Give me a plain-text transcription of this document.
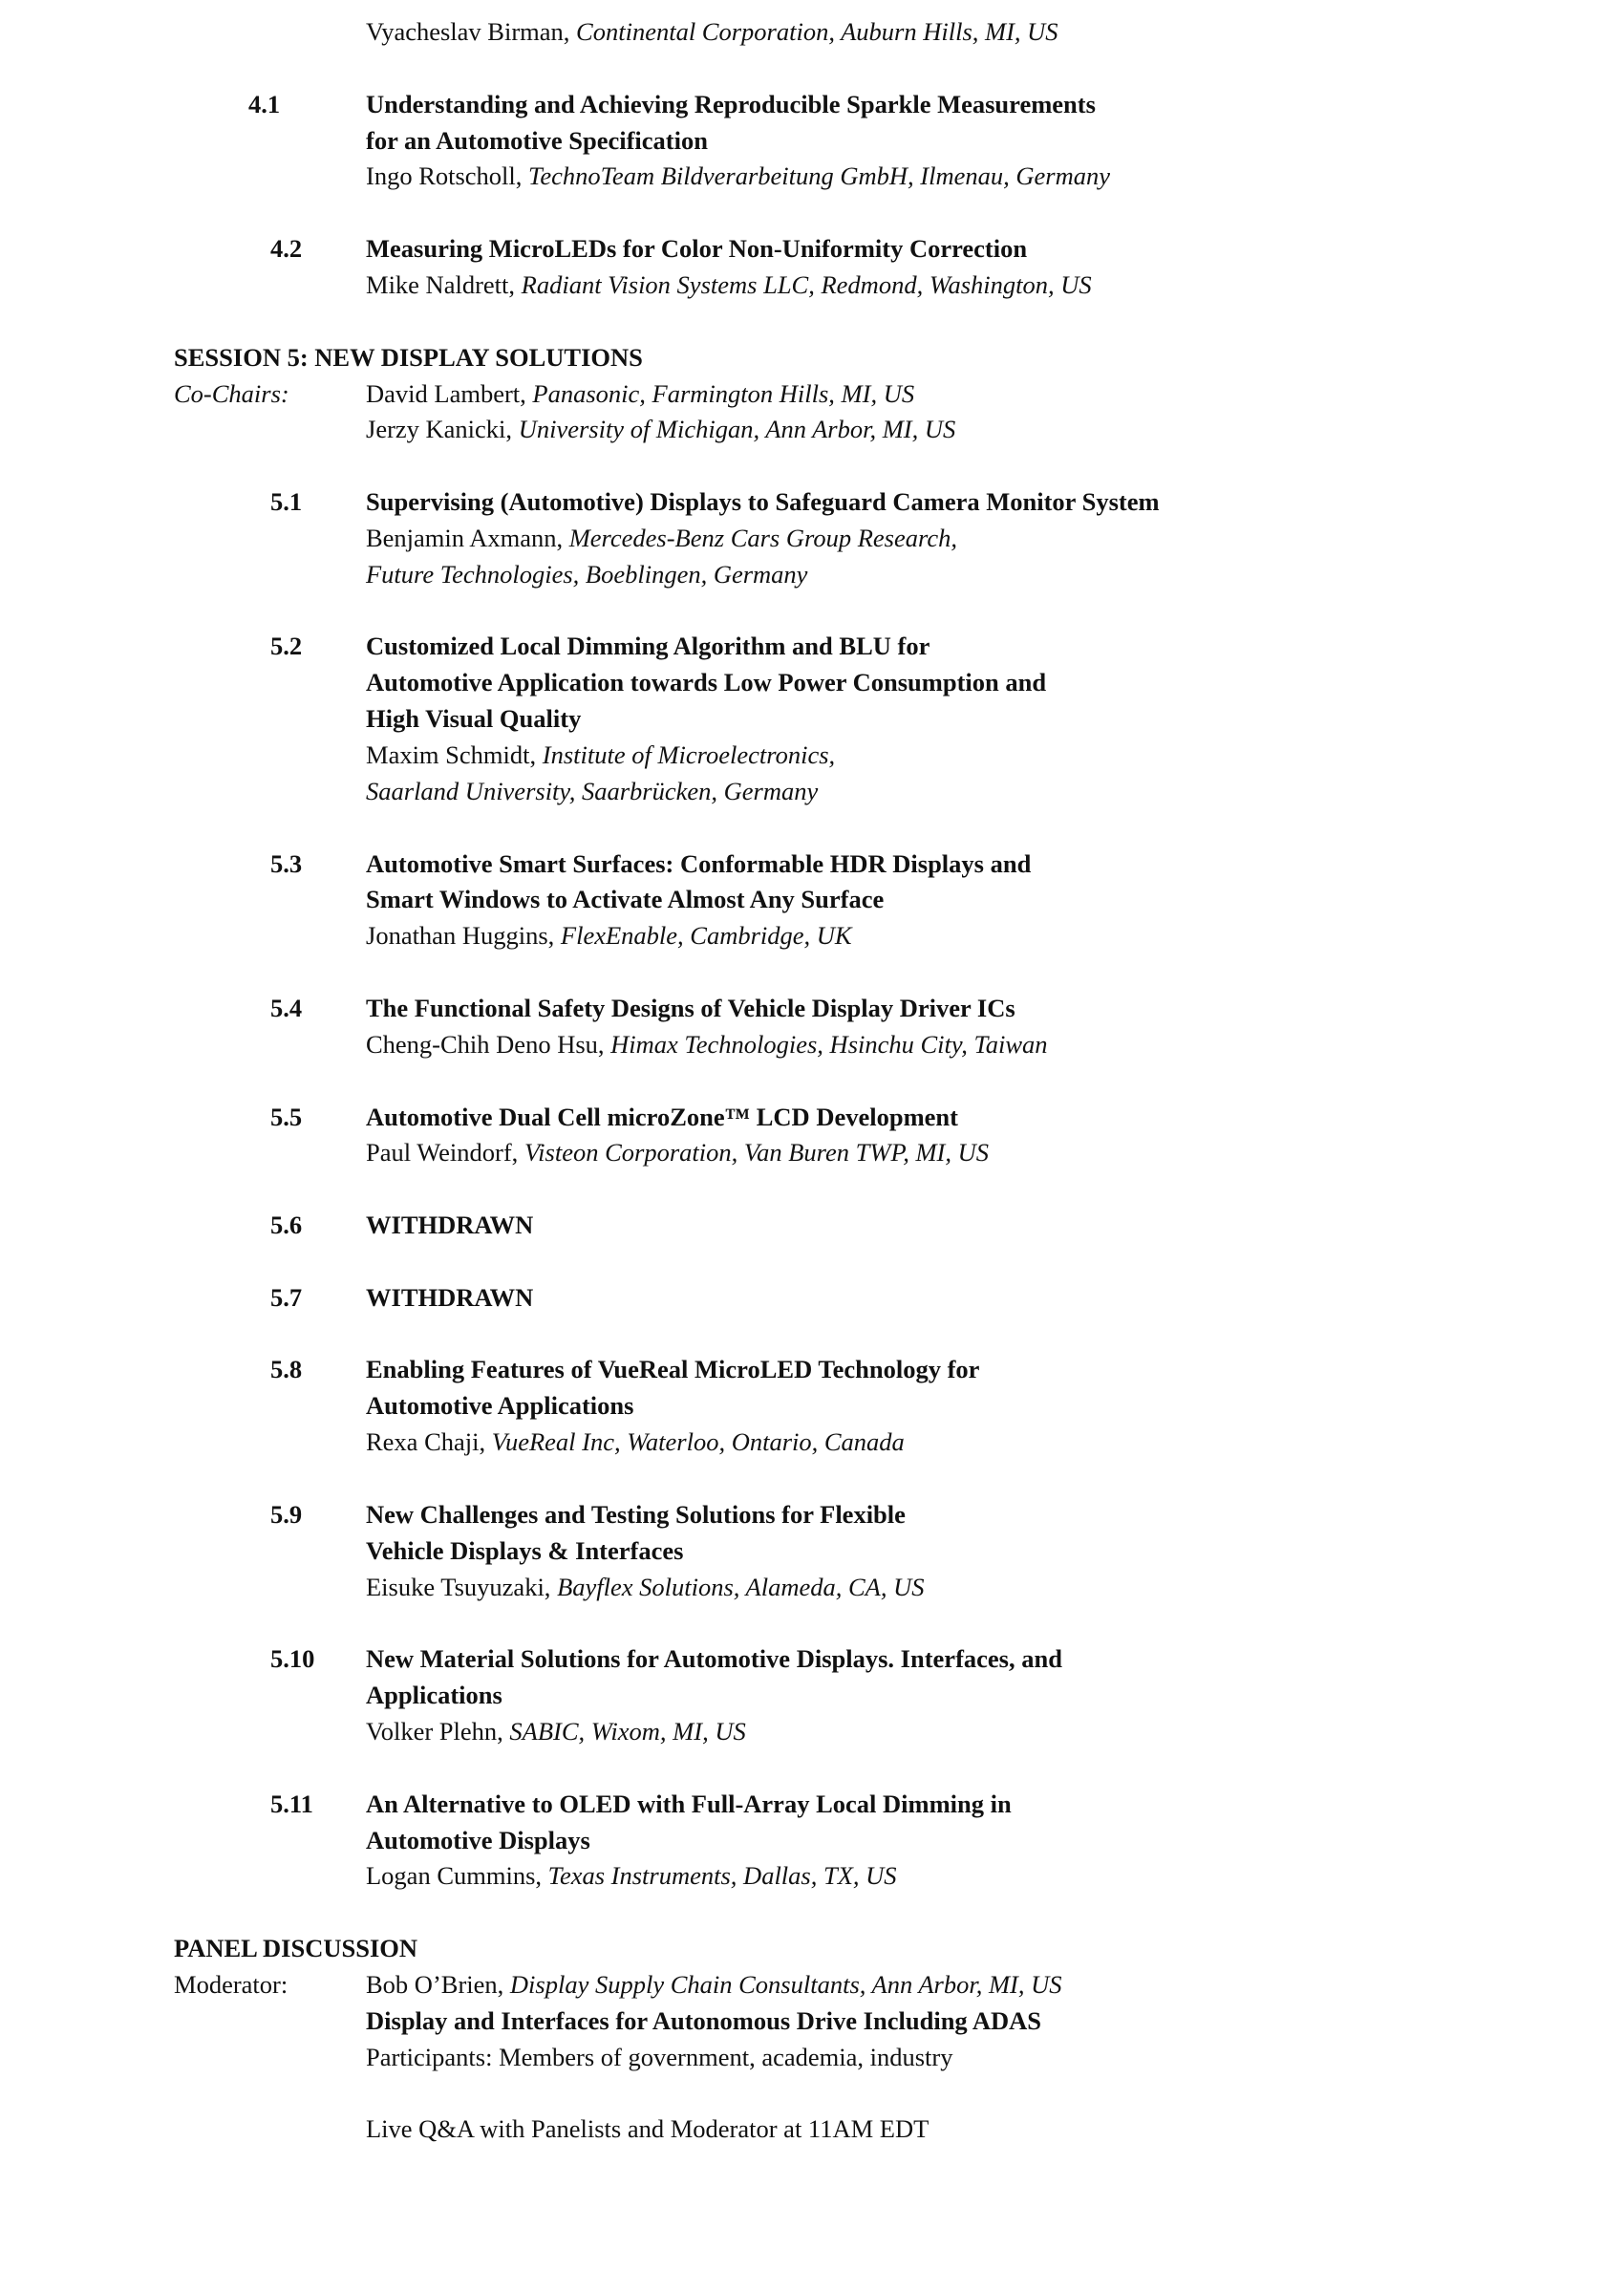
Vyacheslav Birman, Continental Corporation, Auburn Hills, MI, US
4.1	Understanding and Achieving Reproducible Sparkle Measurements
for an Automotive Specification
Ingo Rotscholl, TechnoTeam Bildverarbeitung GmbH, Ilmenau, Germany
4.2	Measuring MicroLEDs for Color Non-Uniformity Correction
Mike Naldrett, Radiant Vision Systems LLC, Redmond, Washington, US
SESSION 5: NEW DISPLAY SOLUTIONS
Co-Chairs:	David Lambert, Panasonic, Farmington Hills, MI, US
Jerzy Kanicki, University of Michigan, Ann Arbor, MI, US
5.1	Supervising (Automotive) Displays to Safeguard Camera Monitor System
Benjamin Axmann, Mercedes-Benz Cars Group Research,
Future Technologies, Boeblingen, Germany
5.2	Customized Local Dimming Algorithm and BLU for
Automotive Application towards Low Power Consumption and
High Visual Quality
Maxim Schmidt, Institute of Microelectronics,
Saarland University, Saarbrücken, Germany
5.3	Automotive Smart Surfaces: Conformable HDR Displays and
Smart Windows to Activate Almost Any Surface
Jonathan Huggins, FlexEnable, Cambridge, UK
5.4	The Functional Safety Designs of Vehicle Display Driver ICs
Cheng-Chih Deno Hsu, Himax Technologies, Hsinchu City, Taiwan
5.5	Automotive Dual Cell microZone™ LCD Development
Paul Weindorf, Visteon Corporation, Van Buren TWP, MI, US
5.6	WITHDRAWN
5.7	WITHDRAWN
5.8	Enabling Features of VueReal MicroLED Technology for
Automotive Applications
Rexa Chaji, VueReal Inc, Waterloo, Ontario, Canada
5.9	New Challenges and Testing Solutions for Flexible
Vehicle Displays & Interfaces
Eisuke Tsuyuzaki, Bayflex Solutions, Alameda, CA, US
5.10 New Material Solutions for Automotive Displays. Interfaces, and
Applications
Volker Plehn, SABIC, Wixom, MI, US
5.11 An Alternative to OLED with Full-Array Local Dimming in
Automotive Displays
Logan Cummins, Texas Instruments, Dallas, TX, US
PANEL DISCUSSION
Moderator:	Bob O’Brien, Display Supply Chain Consultants, Ann Arbor, MI, US
Display and Interfaces for Autonomous Drive Including ADAS
Participants: Members of government, academia, industry
Live Q&A with Panelists and Moderator at 11AM EDT
